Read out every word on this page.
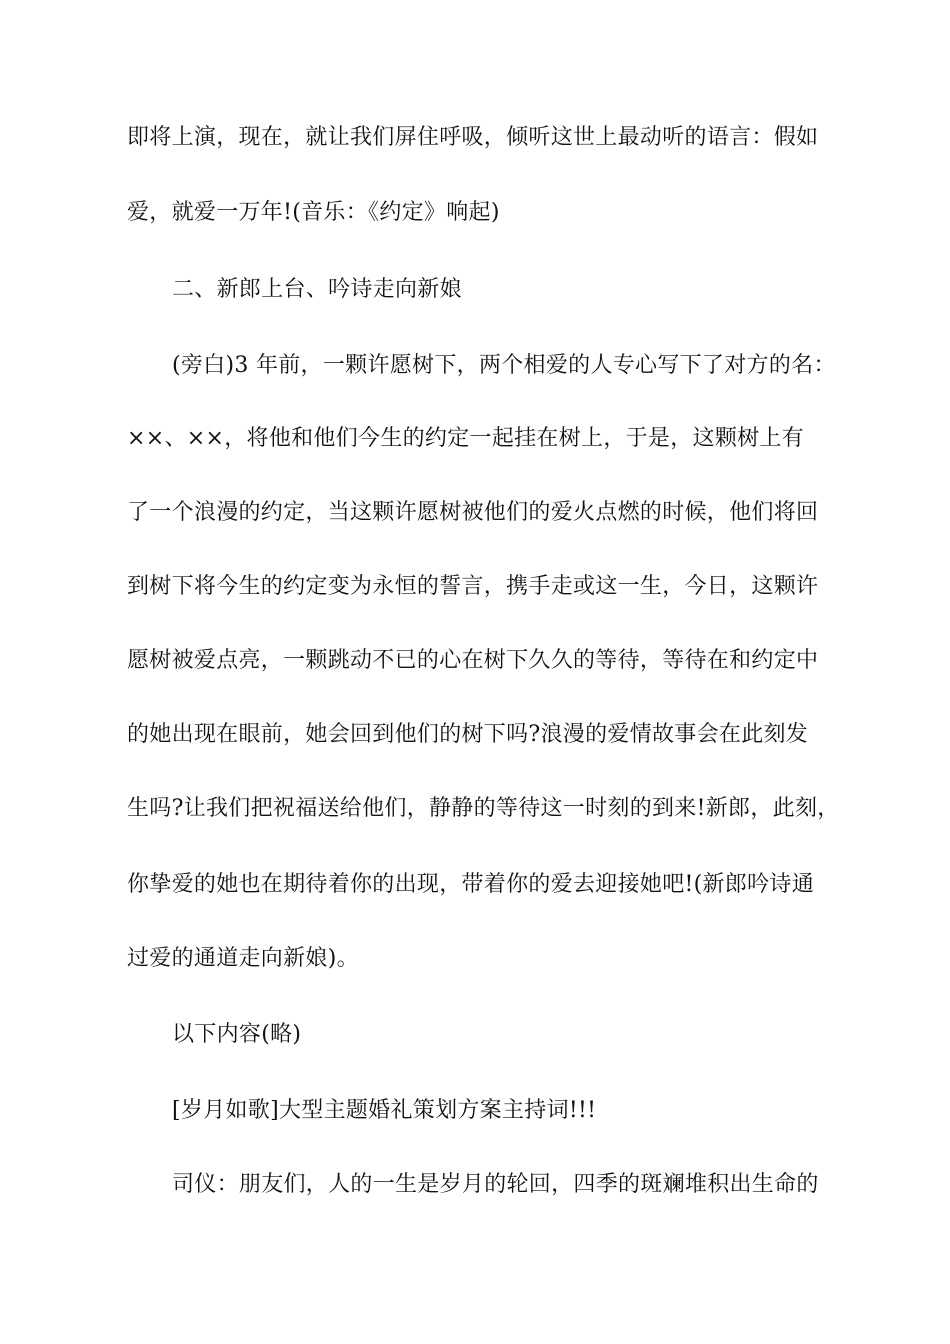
即将上演，现在，就让我们屏住呼吸，倾听这世上最动听的语言：假如
爱，就爱一万年!(音乐：《约定》响起)
二、新郎上台、吟诗走向新娘
(旁白)3 年前，一颗许愿树下，两个相爱的人专心写下了对方的名：
××、××，将他和他们今生的约定一起挂在树上，于是，这颗树上有
了一个浪漫的约定，当这颗许愿树被他们的爱火点燃的时候，他们将回
到树下将今生的约定变为永恒的誓言，携手走或这一生，今日，这颗许
愿树被爱点亮，一颗跳动不已的心在树下久久的等待，等待在和约定中
的她出现在眼前，她会回到他们的树下吗?浪漫的爱情故事会在此刻发
生吗?让我们把祝福送给他们，静静的等待这一时刻的到来!新郎，此刻，
你挚爱的她也在期待着你的出现，带着你的爱去迎接她吧!(新郎吟诗通
过爱的通道走向新娘)。
以下内容(略)
[岁月如歌]大型主题婚礼策划方案主持词!!!
司仪：朋友们，人的一生是岁月的轮回，四季的斑斓堆积出生命的
